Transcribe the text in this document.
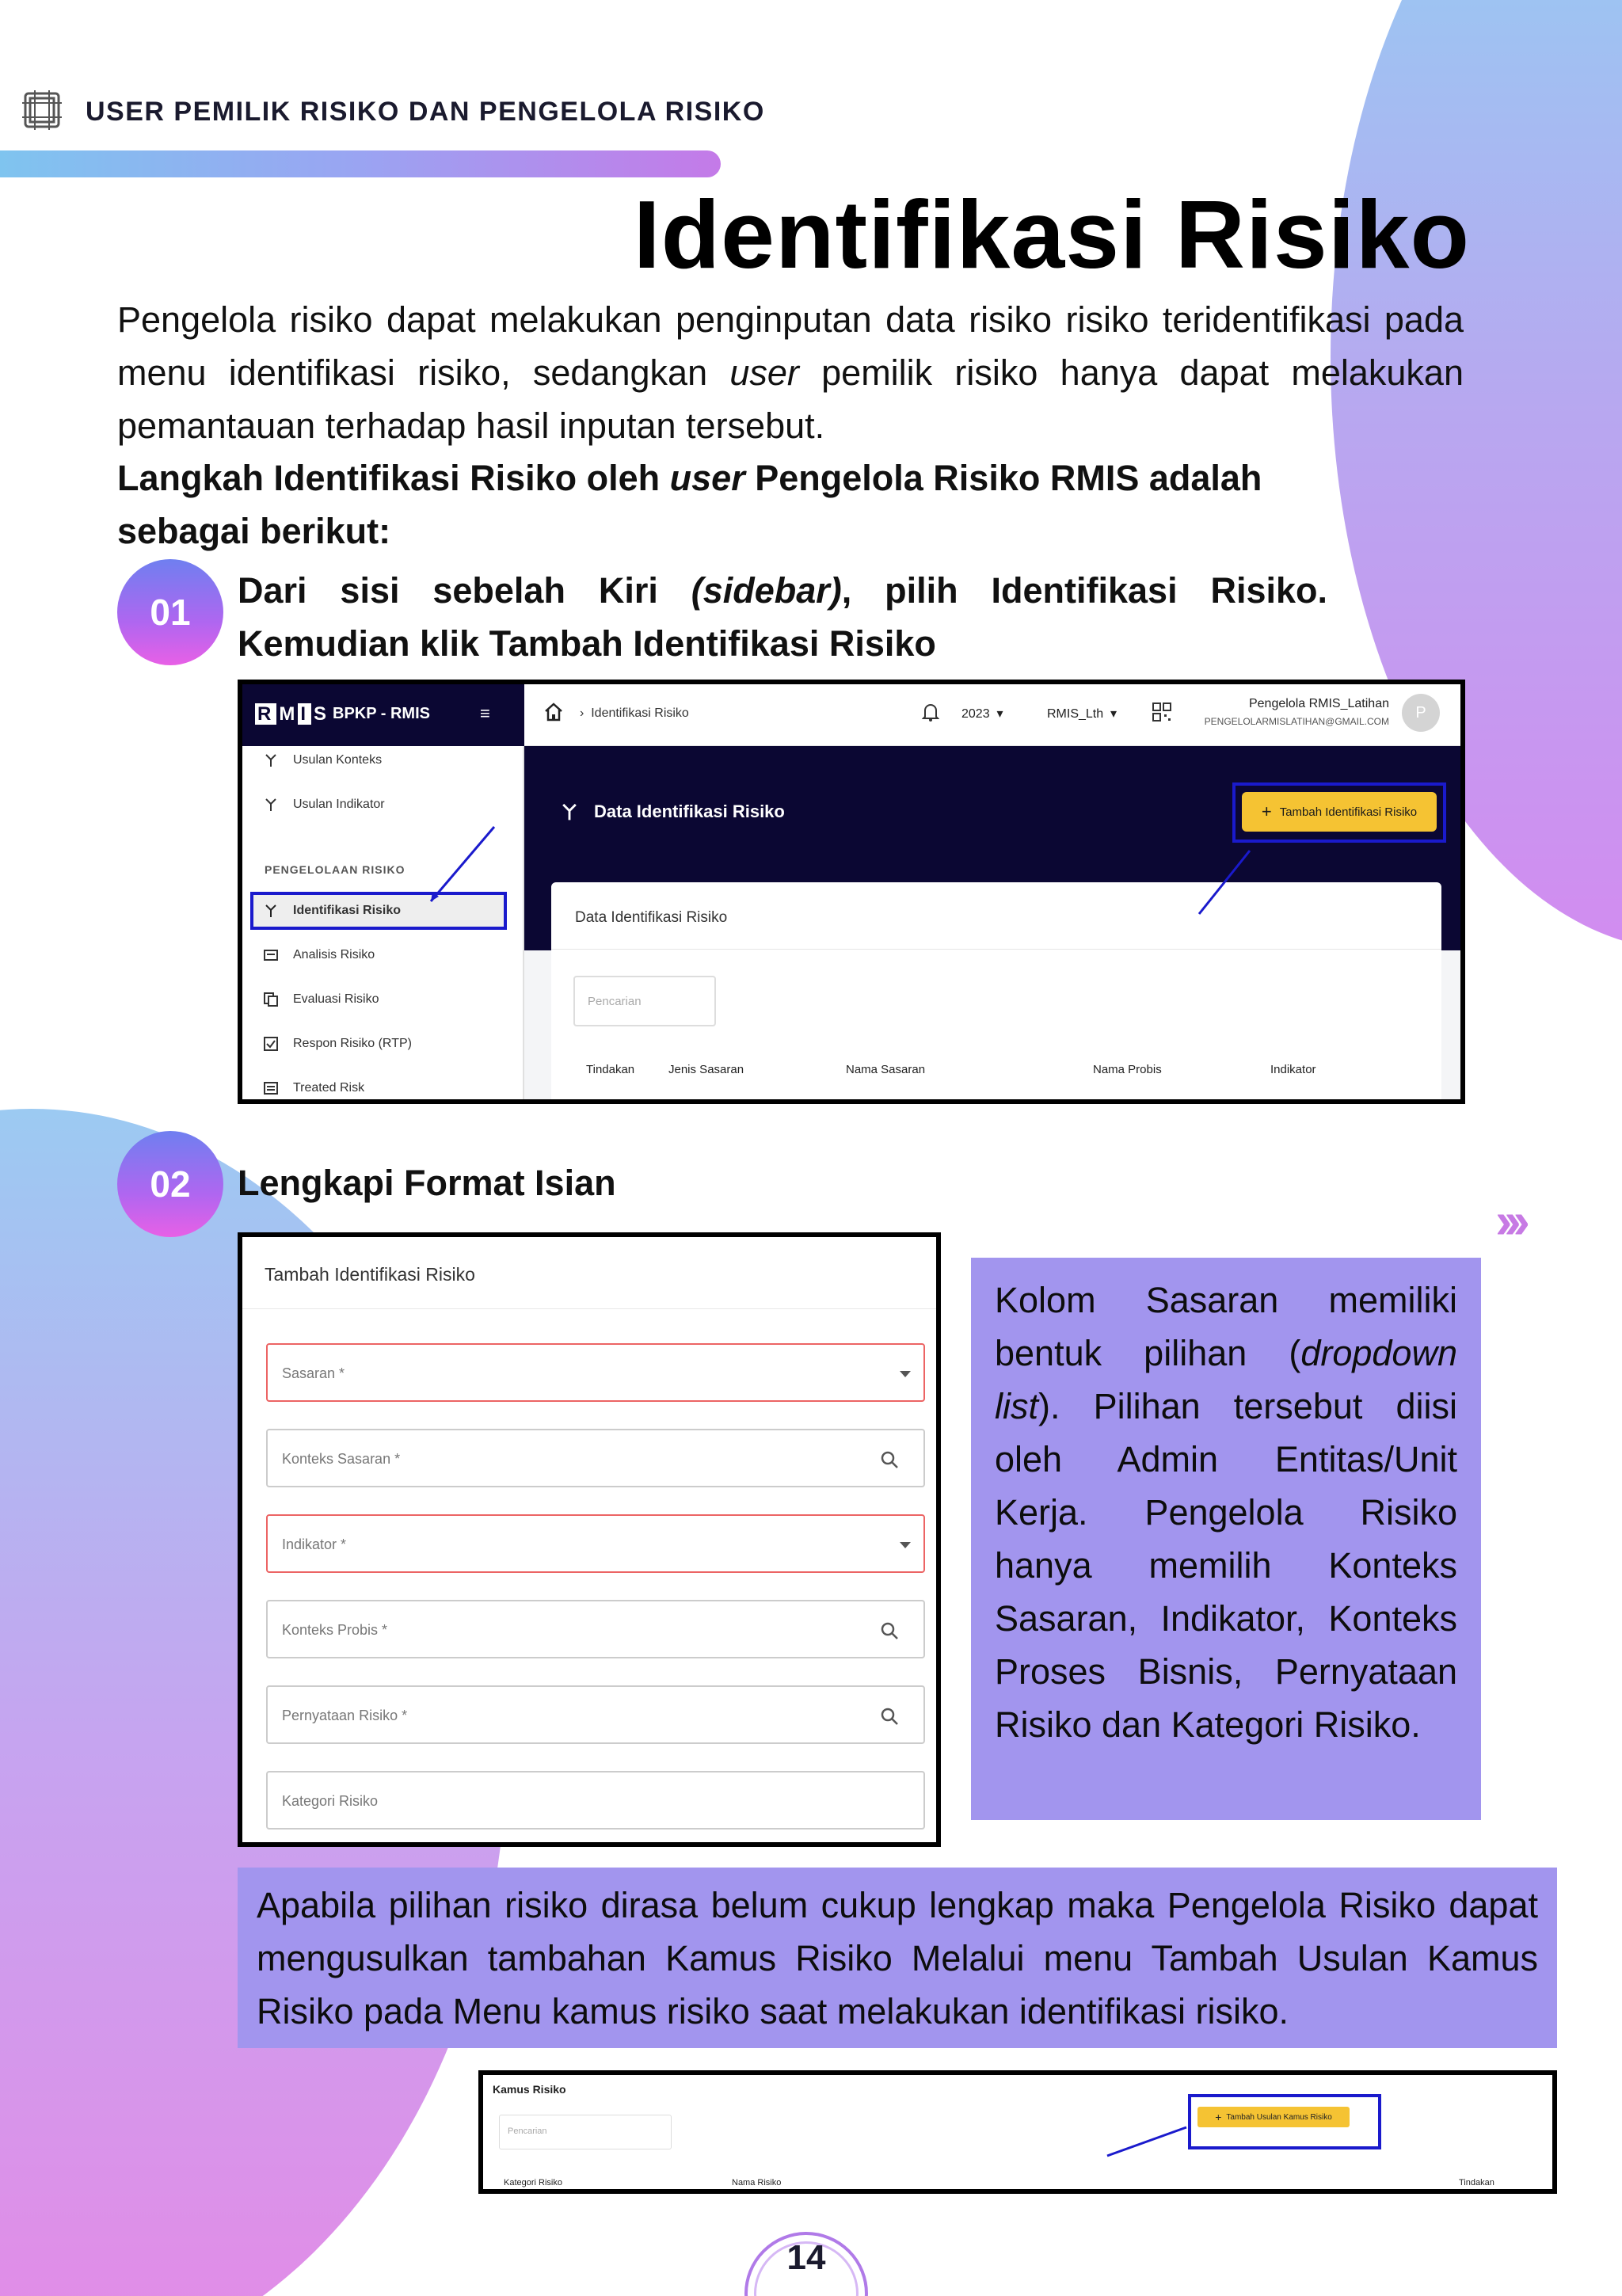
USER PEMILIK RISIKO DAN PENGELOLA RISIKO
Identifikasi Risiko

Pengelola risiko dapat melakukan penginputan data risiko risiko teridentifikasi pada menu identifikasi risiko, sedangkan user pemilik risiko hanya dapat melakukan pemantauan terhadap hasil inputan tersebut.

Langkah Identifikasi Risiko oleh user Pengelola Risiko RMIS adalah sebagai berikut:

01

Dari sisi sebelah Kiri (sidebar), pilih Identifikasi Risiko. Kemudian klik Tambah Identifikasi Risiko

R M I S BPKP - RMIS	≡	›  Identifikasi Risiko	2023  ▾	RMIS_Lth  ▾
Pengelola RMIS_Latihan
PENGELOLARMISLATIHAN@GMAIL.COM
P
Usulan Konteks
Usulan Indikator
PENGELOLAAN RISIKO
Identifikasi Risiko
Analisis Risiko
Evaluasi Risiko
Respon Risiko (RTP)
Treated Risk
Data Identifikasi Risiko	+ Tambah Identifikasi Risiko
Data Identifikasi Risiko
Pencarian
Tindakan	Jenis Sasaran	Nama Sasaran	Nama Probis	Indikator
02	Lengkapi Format Isian

›››
Tambah Identifikasi Risiko
Sasaran *
Konteks Sasaran *
Indikator *
Konteks Probis *
Pernyataan Risiko *
Kategori Risiko

Kolom Sasaran memiliki bentuk pilihan (dropdown list). Pilihan tersebut diisi oleh Admin Entitas/Unit Kerja. Pengelola Risiko hanya memilih Konteks Sasaran, Indikator, Konteks Proses Bisnis, Pernyataan Risiko dan Kategori Risiko.

Apabila pilihan risiko dirasa belum cukup lengkap maka Pengelola Risiko dapat mengusulkan tambahan Kamus Risiko Melalui menu Tambah Usulan Kamus Risiko pada Menu kamus risiko saat melakukan identifikasi risiko.

Kamus Risiko
Pencarian
Kategori Risiko	Nama Risiko	Tindakan
+ Tambah Usulan Kamus Risiko
14
